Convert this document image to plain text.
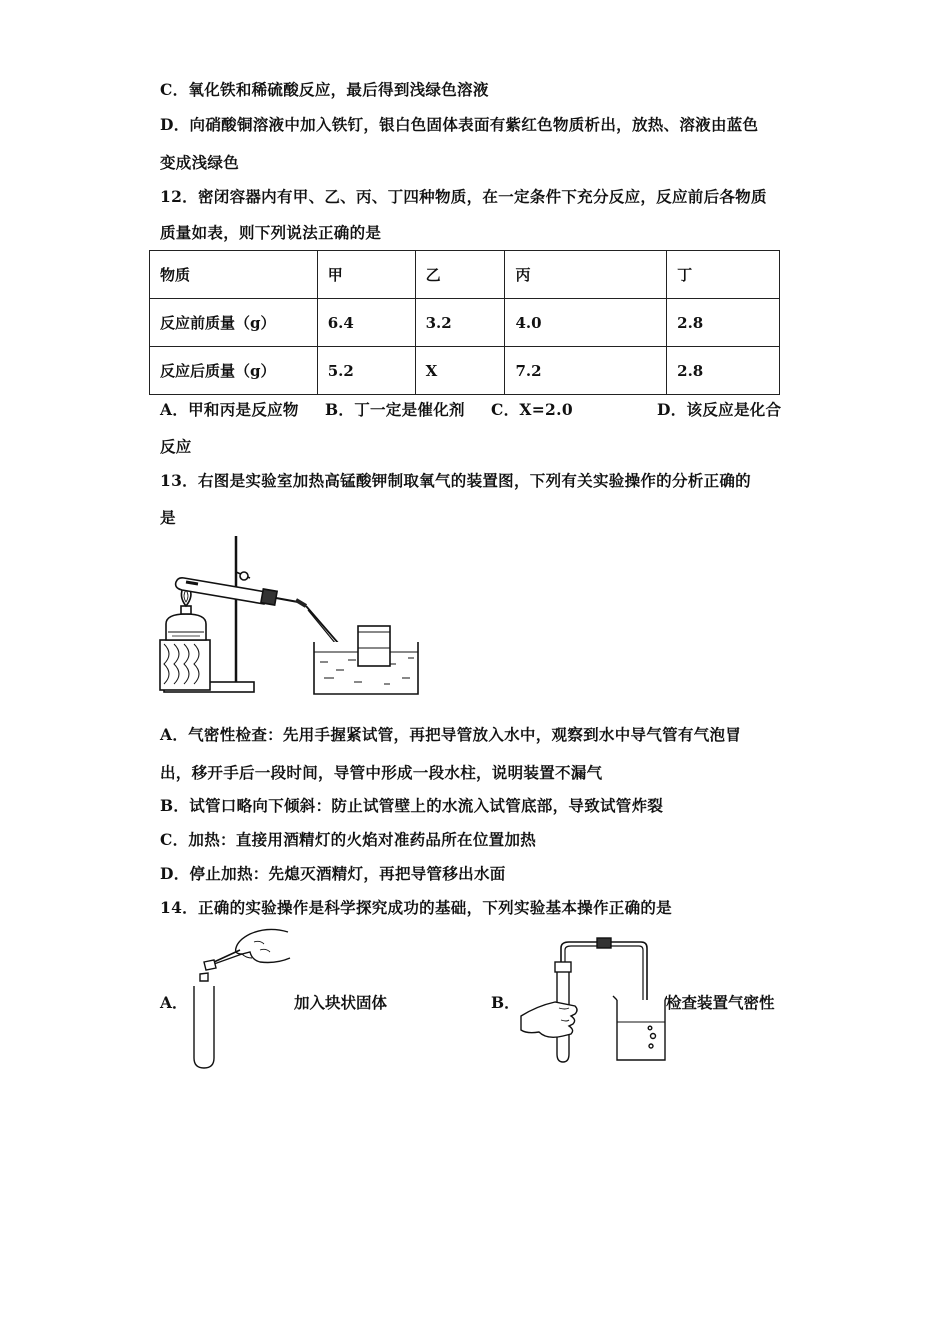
C．氧化铁和稀硫酸反应，最后得到浅绿色溶液
D．向硝酸铜溶液中加入铁钉，银白色固体表面有紫红色物质析出，放热、溶液由蓝色
变成浅绿色
12．密闭容器内有甲、乙、丙、丁四种物质，在一定条件下充分反应，反应前后各物质
质量如表，则下列说法正确的是
物质	甲	乙	丙	丁
反应前质量（g）	6.4	3.2	4.0	2.8
反应后质量（g）	5.2	X	7.2	2.8
A．甲和丙是反应物 B．丁一定是催化剂 C．X=2.0	D．该反应是化合
反应
13．右图是实验室加热高锰酸钾制取氧气的装置图，下列有关实验操作的分析正确的
是
A．气密性检查：先用手握紧试管，再把导管放入水中，观察到水中导气管有气泡冒
出，移开手后一段时间，导管中形成一段水柱，说明装置不漏气
B．试管口略向下倾斜：防止试管壁上的水流入试管底部，导致试管炸裂
C．加热：直接用酒精灯的火焰对准药品所在位置加热
D．停止加热：先熄灭酒精灯，再把导管移出水面
14．正确的实验操作是科学探究成功的基础，下列实验基本操作正确的是
A．	加入块状固体	B．	检查装置气密性
